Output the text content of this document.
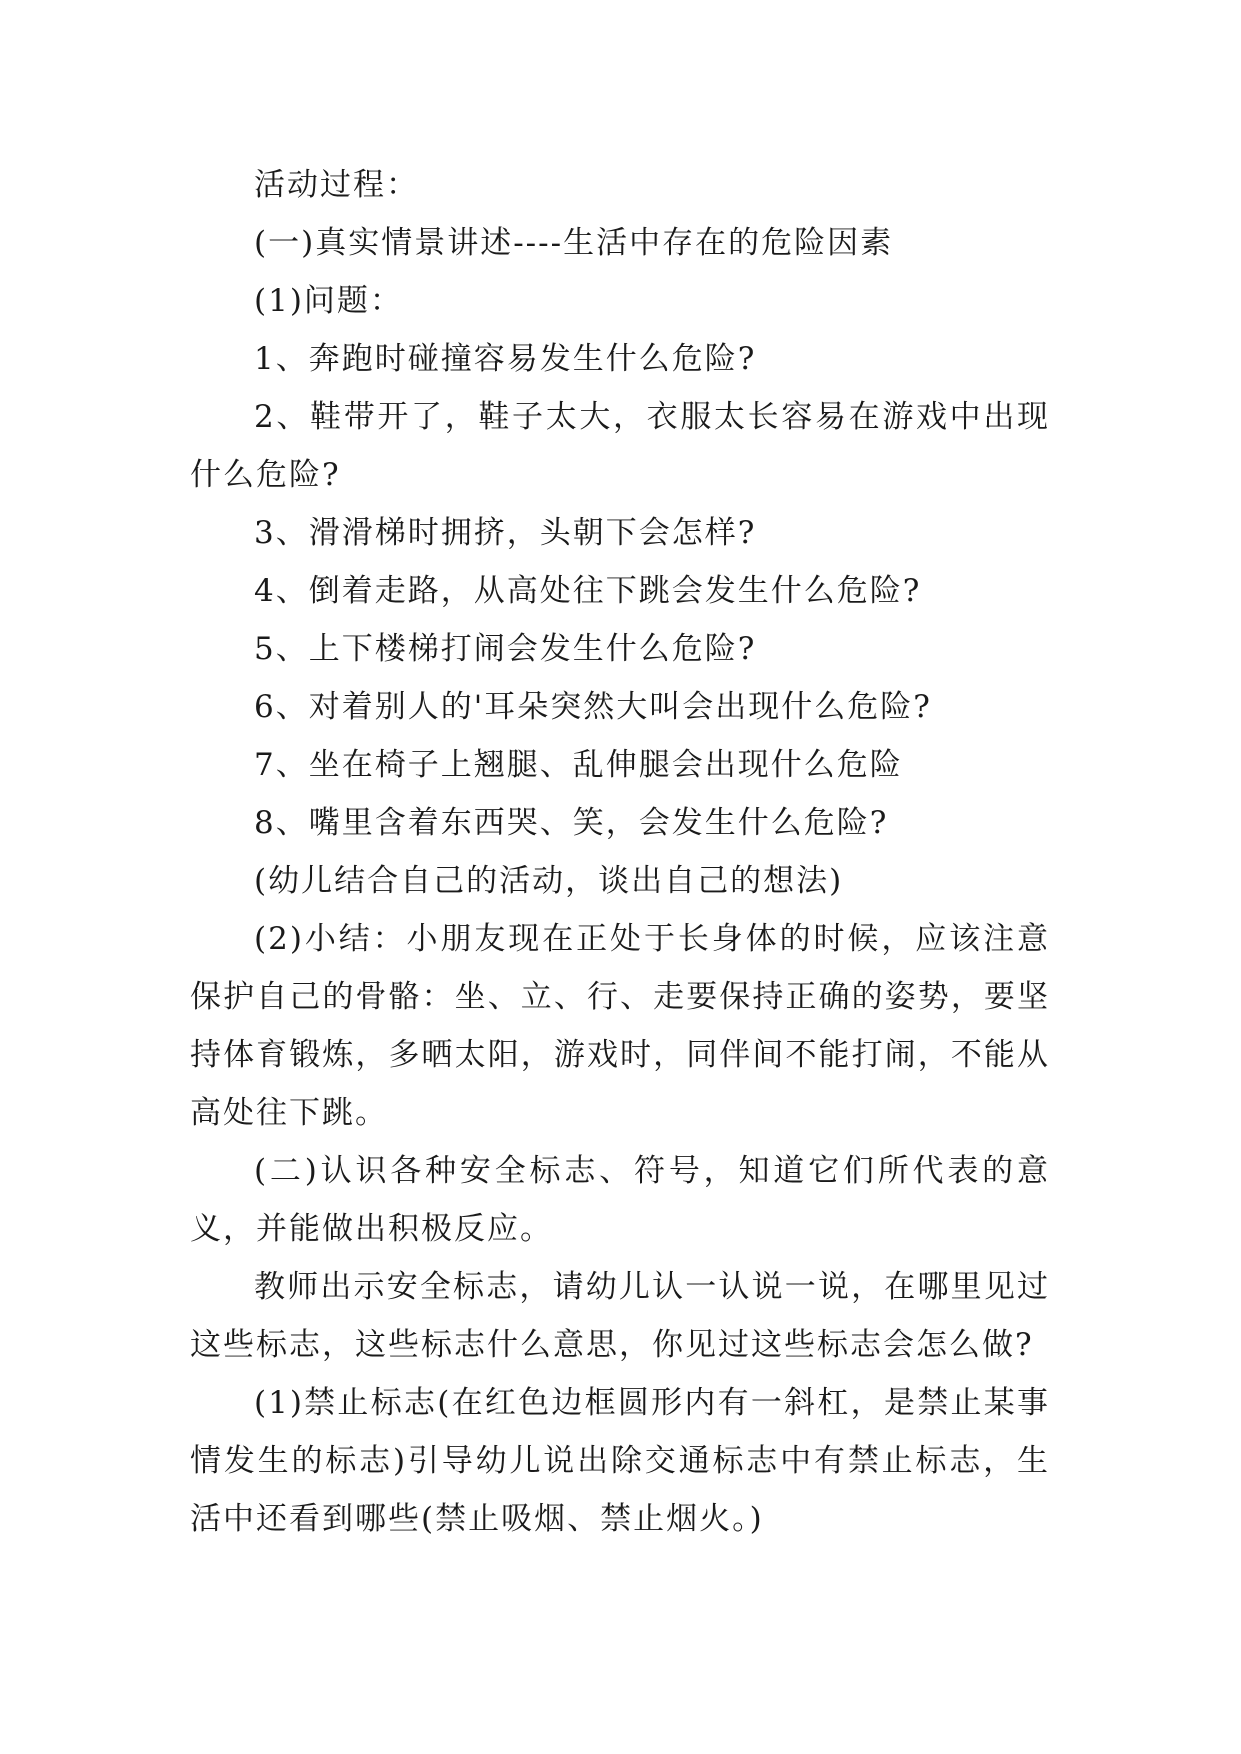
活动过程：

(一)真实情景讲述----生活中存在的危险因素

(1)问题：

1、奔跑时碰撞容易发生什么危险?

2、鞋带开了，鞋子太大，衣服太长容易在游戏中出现什么危险?

3、滑滑梯时拥挤，头朝下会怎样?

4、倒着走路，从高处往下跳会发生什么危险?

5、上下楼梯打闹会发生什么危险?

6、对着别人的'耳朵突然大叫会出现什么危险?

7、坐在椅子上翘腿、乱伸腿会出现什么危险

8、嘴里含着东西哭、笑，会发生什么危险?

(幼儿结合自己的活动，谈出自己的想法)

(2)小结：小朋友现在正处于长身体的时候，应该注意保护自己的骨骼：坐、立、行、走要保持正确的姿势，要坚持体育锻炼，多晒太阳，游戏时，同伴间不能打闹，不能从高处往下跳。

(二)认识各种安全标志、符号，知道它们所代表的意义，并能做出积极反应。

教师出示安全标志，请幼儿认一认说一说，在哪里见过这些标志，这些标志什么意思，你见过这些标志会怎么做?

(1)禁止标志(在红色边框圆形内有一斜杠，是禁止某事情发生的标志)引导幼儿说出除交通标志中有禁止标志，生活中还看到哪些(禁止吸烟、禁止烟火。)
